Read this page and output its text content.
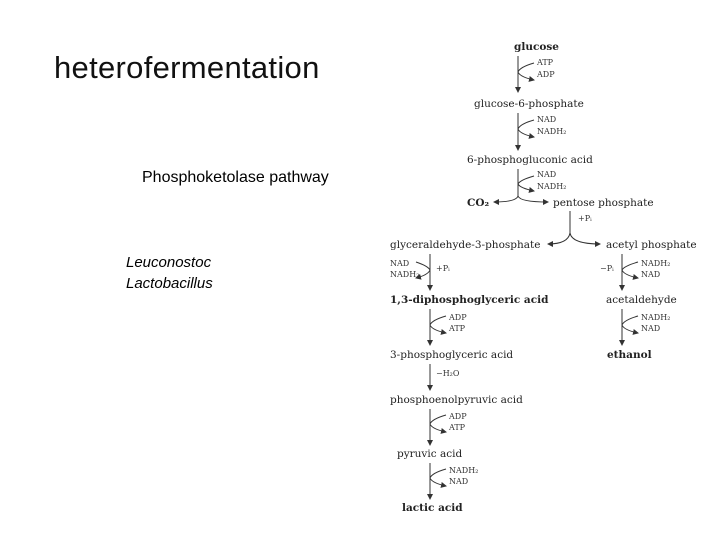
heterofermentation
Phosphoketolase pathway
Leuconostoc
Lactobacillus
glucose
ATP
ADP
glucose-6-phosphate
NAD
NADH₂
6-phosphogluconic acid
NAD
NADH₂
CO₂	pentose phosphate
+Pᵢ
glyceraldehyde-3-phosphate	acetyl phosphate
NAD
NADH₂
+Pᵢ
1,3-diphosphoglyceric acid
ADP
ATP
3-phosphoglyceric acid
−H₂O
phosphoenolpyruvic acid
ADP
ATP
pyruvic acid
NADH₂
NAD
lactic acid
NADH₂
NAD
−Pᵢ
acetaldehyde
NADH₂
NAD
ethanol
